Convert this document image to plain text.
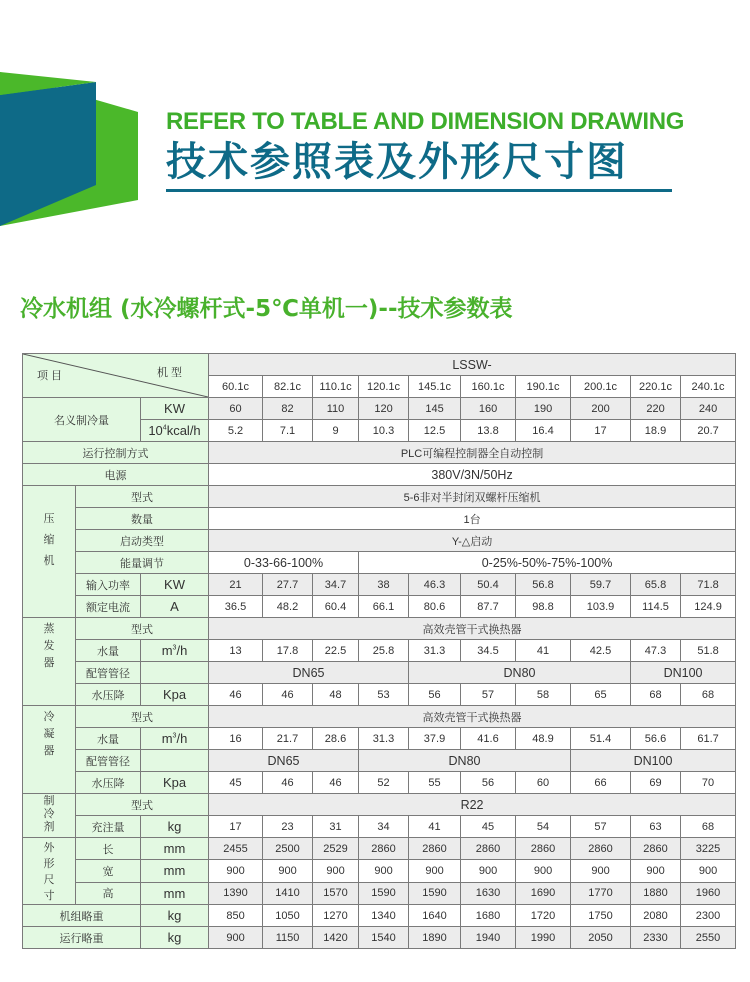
REFER TO TABLE AND DIMENSION DRAWING
技术参照表及外形尺寸图
冷水机组 (水冷螺杆式-5℃单机一)--技术参数表
项 目 机 型			LSSW-									
			60.1c	82.1c	110.1c	120.1c	145.1c	160.1c	190.1c	200.1c	220.1c	240.1c
名义制冷量		KW	60	82	110	120	145	160	190	200	220	240
		$10^4kcal/h$	5.2	7.1	9	10.3	12.5	13.8	16.4	17	18.9	20.7
运行控制方式			PLC可编程控制器全自动控制									
电源			380V/3N/50Hz									
压
缩
机	型式		5-6非对半封闭双螺杆压缩机									
	数量		1台									
	启动类型		Y-△启动									
	能量调节		0-33-66-100%			0-25%-50%-75%-100%						
	输入功率	KW	21	27.7	34.7	38	46.3	50.4	56.8	59.7	65.8	71.8
	额定电流	A	36.5	48.2	60.4	66.1	80.6	87.7	98.8	103.9	114.5	124.9
蒸
发
器	型式		高效壳管干式换热器									
	水量	$m^3/h$	13	17.8	22.5	25.8	31.3	34.5	41	42.5	47.3	51.8
	配管管径		DN65				DN80				DN100	
	水压降	Kpa	46	46	48	53	56	57	58	65	68	68
冷
凝
器	型式		高效壳管干式换热器									
	水量	$m^3/h$	16	21.7	28.6	31.3	37.9	41.6	48.9	51.4	56.6	61.7
	配管管径		DN65			DN80				DN100		
	水压降	Kpa	45	46	46	52	55	56	60	66	69	70
制
冷
剂	型式		R22									
	充注量	kg	17	23	31	34	41	45	54	57	63	68
外
形
尺
寸	长	mm	2455	2500	2529	2860	2860	2860	2860	2860	2860	3225
	宽	mm	900	900	900	900	900	900	900	900	900	900
	高	mm	1390	1410	1570	1590	1590	1630	1690	1770	1880	1960
机组略重		kg	850	1050	1270	1340	1640	1680	1720	1750	2080	2300
运行略重		kg	900	1150	1420	1540	1890	1940	1990	2050	2330	2550
